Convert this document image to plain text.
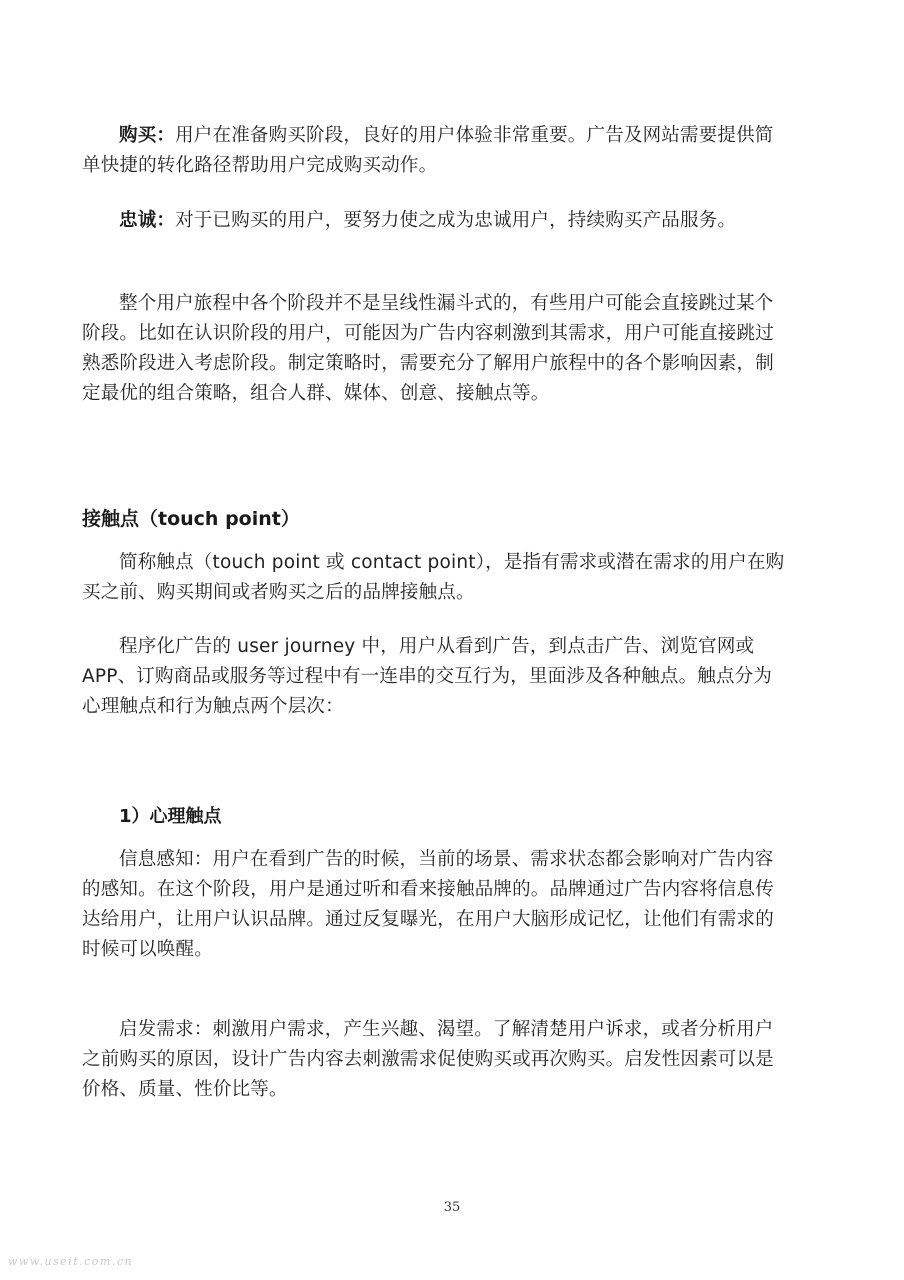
购买：用户在准备购买阶段，良好的用户体验非常重要。广告及网站需要提供简
单快捷的转化路径帮助用户完成购买动作。

忠诚：对于已购买的用户，要努力使之成为忠诚用户，持续购买产品服务。

整个用户旅程中各个阶段并不是呈线性漏斗式的，有些用户可能会直接跳过某个
阶段。比如在认识阶段的用户，可能因为广告内容刺激到其需求，用户可能直接跳过
熟悉阶段进入考虑阶段。制定策略时，需要充分了解用户旅程中的各个影响因素，制
定最优的组合策略，组合人群、媒体、创意、接触点等。

接触点（touch point）

简称触点（touch point 或 contact point），是指有需求或潜在需求的用户在购
买之前、购买期间或者购买之后的品牌接触点。

程序化广告的 user journey 中，用户从看到广告，到点击广告、浏览官网或
APP、订购商品或服务等过程中有一连串的交互行为，里面涉及各种触点。触点分为
心理触点和行为触点两个层次：

1）心理触点

信息感知：用户在看到广告的时候，当前的场景、需求状态都会影响对广告内容
的感知。在这个阶段，用户是通过听和看来接触品牌的。品牌通过广告内容将信息传
达给用户，让用户认识品牌。通过反复曝光，在用户大脑形成记忆，让他们有需求的
时候可以唤醒。

启发需求：刺激用户需求，产生兴趣、渴望。了解清楚用户诉求，或者分析用户
之前购买的原因，设计广告内容去刺激需求促使购买或再次购买。启发性因素可以是
价格、质量、性价比等。

35
www.useit.com.cn
